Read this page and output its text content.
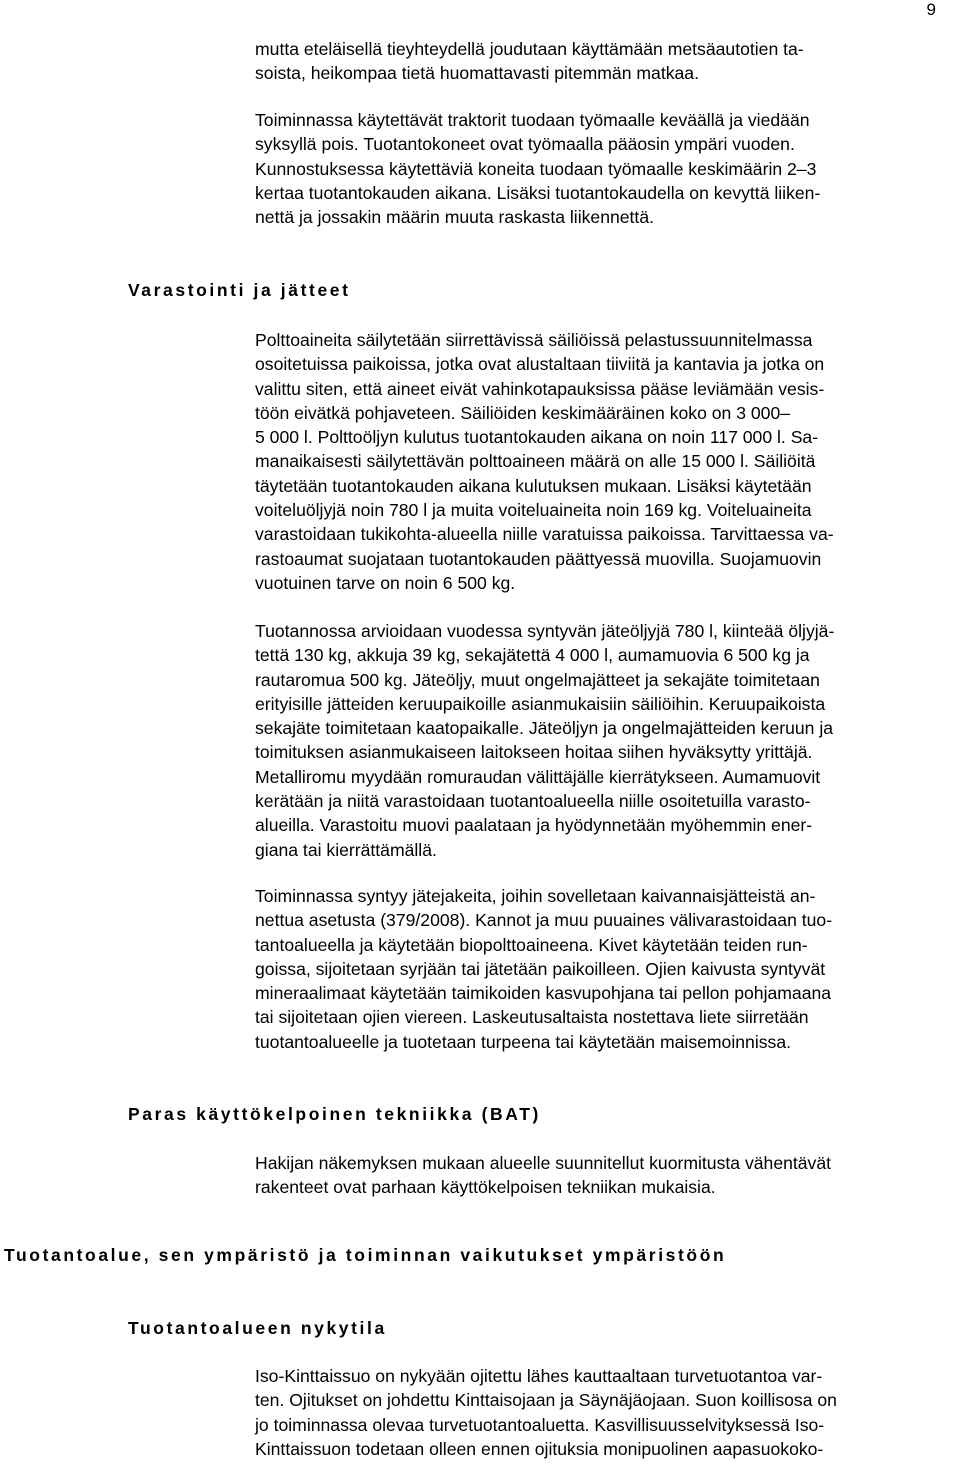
9

mutta eteläisellä tieyhteydellä joudutaan käyttämään metsäautotien ta-
soista, heikompaa tietä huomattavasti pitemmän matkaa.

Toiminnassa käytettävät traktorit tuodaan työmaalle keväällä ja viedään
syksyllä pois. Tuotantokoneet ovat työmaalla pääosin ympäri vuoden.
Kunnostuksessa käytettäviä koneita tuodaan työmaalle keskimäärin 2–3
kertaa tuotantokauden aikana. Lisäksi tuotantokaudella on kevyttä liiken-
nettä ja jossakin määrin muuta raskasta liikennettä.

Varastointi ja jätteet

Polttoaineita säilytetään siirrettävissä säiliöissä pelastussuunnitelmassa
osoitetuissa paikoissa, jotka ovat alustaltaan tiiviitä ja kantavia ja jotka on
valittu siten, että aineet eivät vahinkotapauksissa pääse leviämään vesis-
töön eivätkä pohjaveteen. Säiliöiden keskimääräinen koko on 3 000–
5 000 l. Polttoöljyn kulutus tuotantokauden aikana on noin 117 000 l. Sa-
manaikaisesti säilytettävän polttoaineen määrä on alle 15 000 l. Säiliöitä
täytetään tuotantokauden aikana kulutuksen mukaan. Lisäksi käytetään
voiteluöljyjä noin 780 l ja muita voiteluaineita noin 169 kg. Voiteluaineita
varastoidaan tukikohta-alueella niille varatuissa paikoissa. Tarvittaessa va-
rastoaumat suojataan tuotantokauden päättyessä muovilla. Suojamuovin
vuotuinen tarve on noin 6 500 kg.

Tuotannossa arvioidaan vuodessa syntyvän jäteöljyjä 780 l, kiinteää öljyjä-
tettä 130 kg, akkuja 39 kg, sekajätettä 4 000 l, aumamuovia 6 500 kg ja
rautaromua 500 kg. Jäteöljy, muut ongelmajätteet ja sekajäte toimitetaan
erityisille jätteiden keruupaikoille asianmukaisiin säiliöihin. Keruupaikoista
sekajäte toimitetaan kaatopaikalle. Jäteöljyn ja ongelmajätteiden keruun ja
toimituksen asianmukaiseen laitokseen hoitaa siihen hyväksytty yrittäjä.
Metalliromu myydään romuraudan välittäjälle kierrätykseen. Aumamuovit
kerätään ja niitä varastoidaan tuotantoalueella niille osoitetuilla varasto-
alueilla. Varastoitu muovi paalataan ja hyödynnetään myöhemmin ener-
giana tai kierrättämällä.

Toiminnassa syntyy jätejakeita, joihin sovelletaan kaivannaisjätteistä an-
nettua asetusta (379/2008). Kannot ja muu puuaines välivarastoidaan tuo-
tantoalueella ja käytetään biopolttoaineena. Kivet käytetään teiden run-
goissa, sijoitetaan syrjään tai jätetään paikoilleen. Ojien kaivusta syntyvät
mineraalimaat käytetään taimikoiden kasvupohjana tai pellon pohjamaana
tai sijoitetaan ojien viereen. Laskeutusaltaista nostettava liete siirretään
tuotantoalueelle ja tuotetaan turpeena tai käytetään maisemoinnissa.

Paras käyttökelpoinen tekniikka (BAT)

Hakijan näkemyksen mukaan alueelle suunnitellut kuormitusta vähentävät
rakenteet ovat parhaan käyttökelpoisen tekniikan mukaisia.

Tuotantoalue, sen ympäristö ja toiminnan vaikutukset ympäristöön
Tuotantoalueen nykytila

Iso-Kinttaissuo on nykyään ojitettu lähes kauttaaltaan turvetuotantoa var-
ten. Ojitukset on johdettu Kinttaisojaan ja Säynäjäojaan. Suon koillisosa on
jo toiminnassa olevaa turvetuotantoaluetta. Kasvillisuusselvityksessä Iso-
Kinttaissuon todetaan olleen ennen ojituksia monipuolinen aapasuokoko-
